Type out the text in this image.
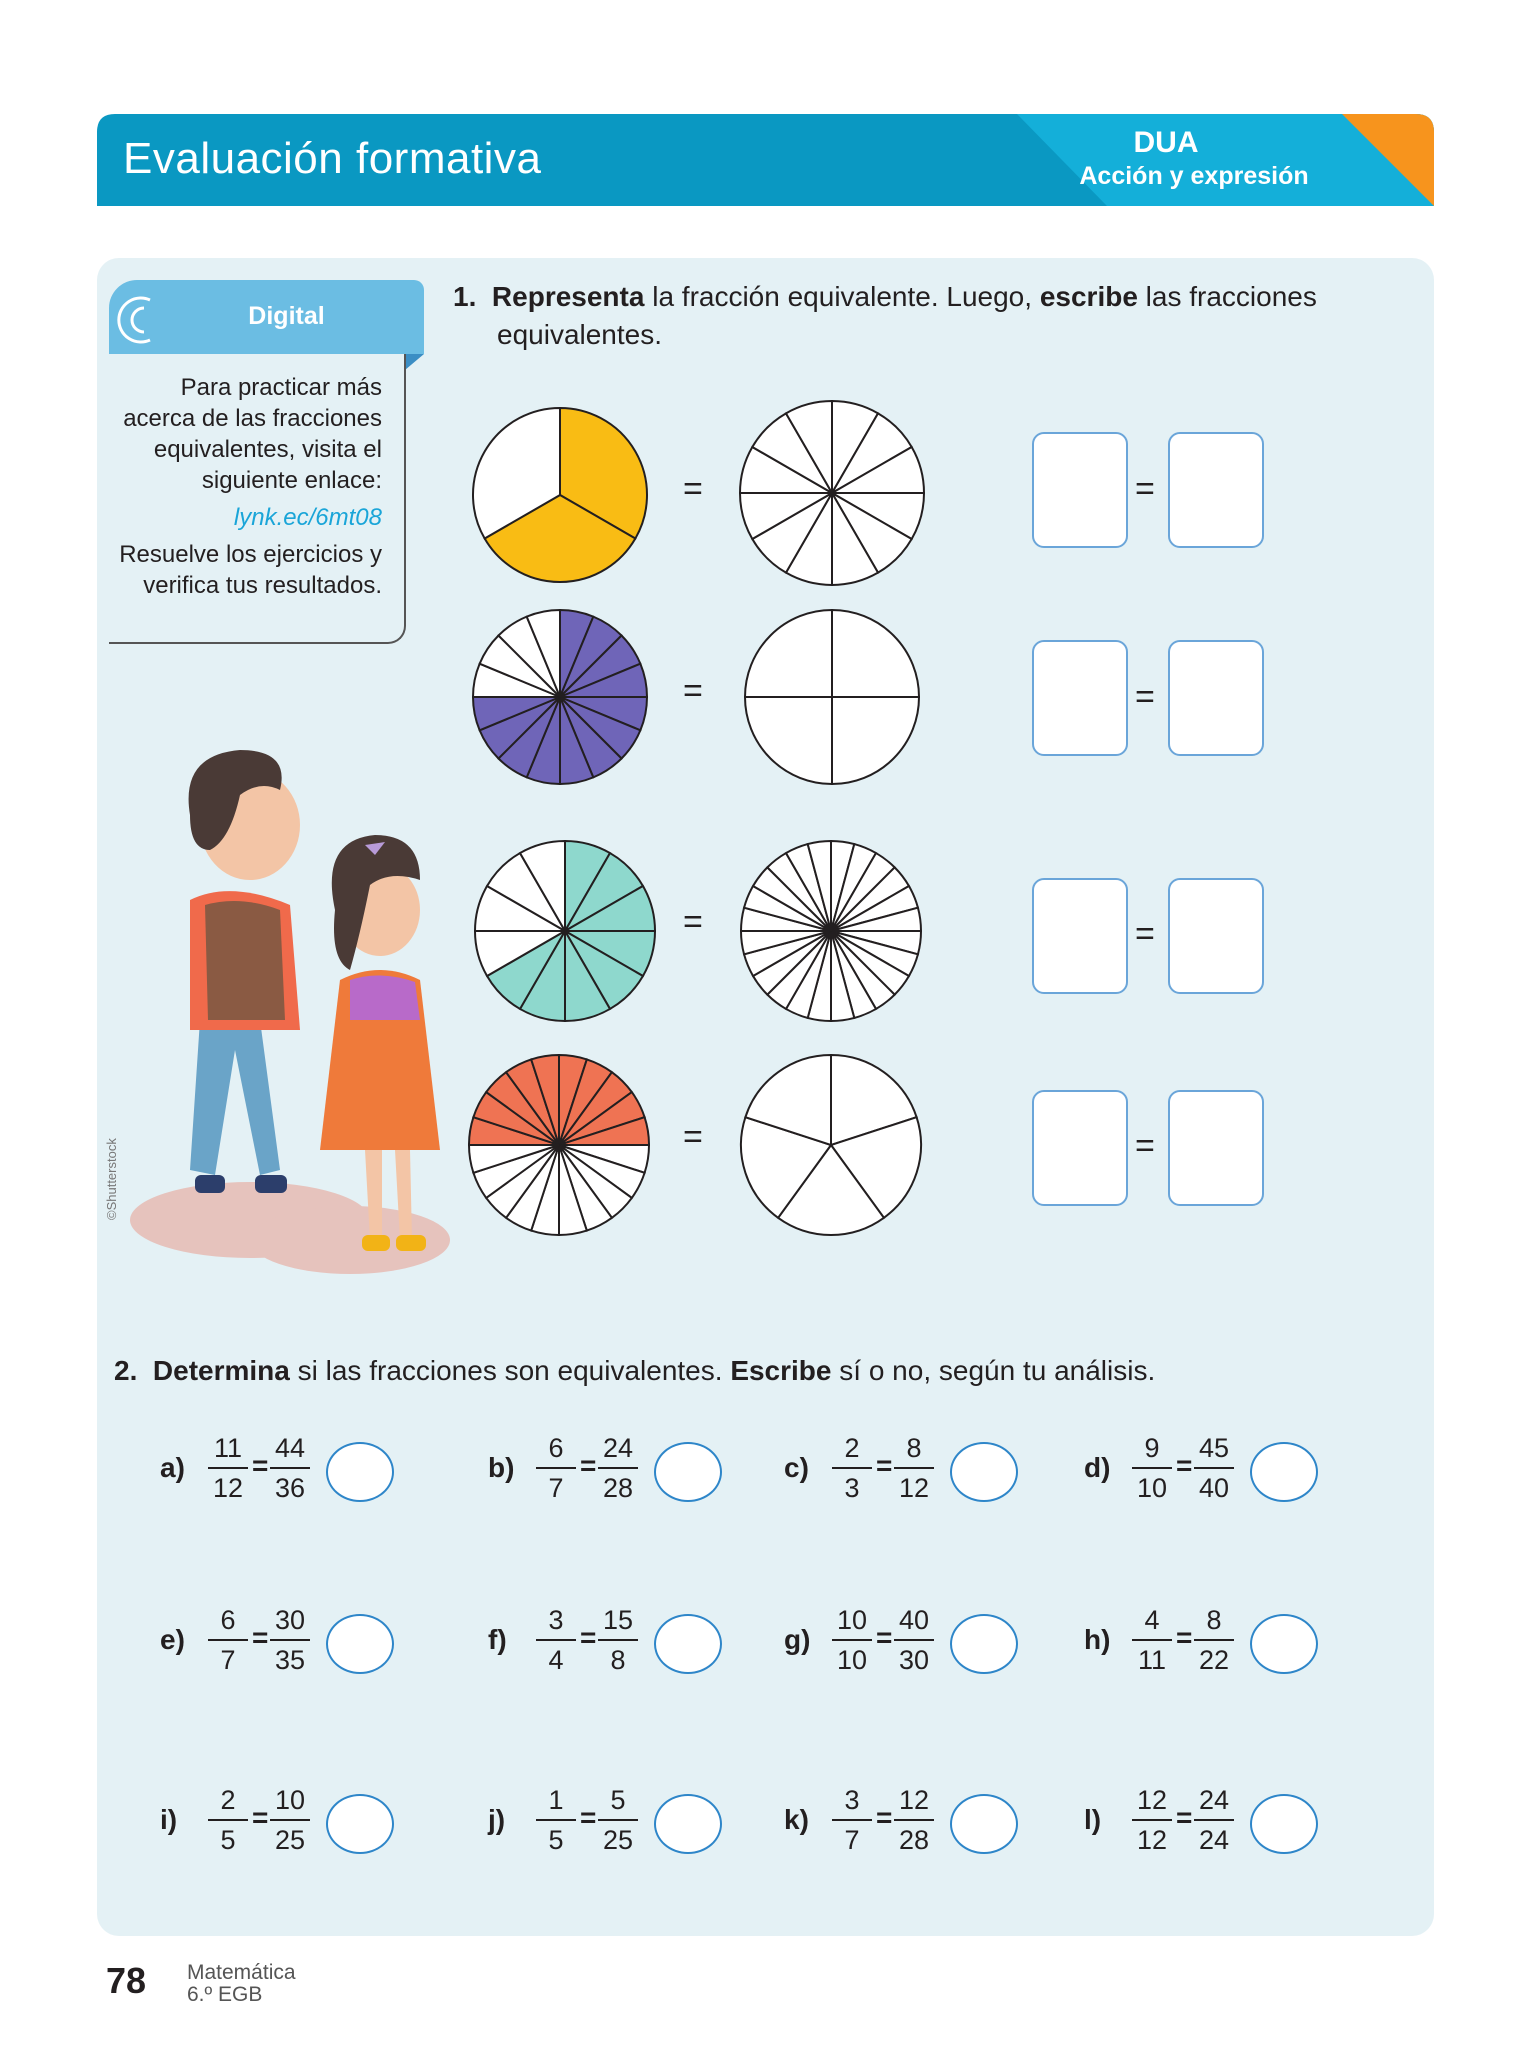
Evaluación formativa	DUA
Acción y expresión
Digital
Para practicar más
acerca de las fracciones
equivalentes, visita el
siguiente enlace:
lynk.ec/6mt08
Resuelve los ejercicios y
verifica tus resultados.
©Shutterstock
1. Representa la fracción equivalente. Luego, escribe las fracciones
equivalentes.
=	=
=	=
=	=
=	=
2. Determina si las fracciones son equivalentes. Escribe sí o no, según tu análisis.
a)
11
12
=
44
36
b)
6
7
=
24
28
c)
2
3
=
8
12
d)
9
10
=
45
40
e)
6
7
=
30
35
f)
3
4
=
15
8
g)
10
10
=
40
30
h)
4
11
=
8
22
i)
2
5
=
10
25
j)
1
5
=
5
25
k)
3
7
=
12
28
l)
12
12
=
24
24
78 Matemática
6.º EGB
